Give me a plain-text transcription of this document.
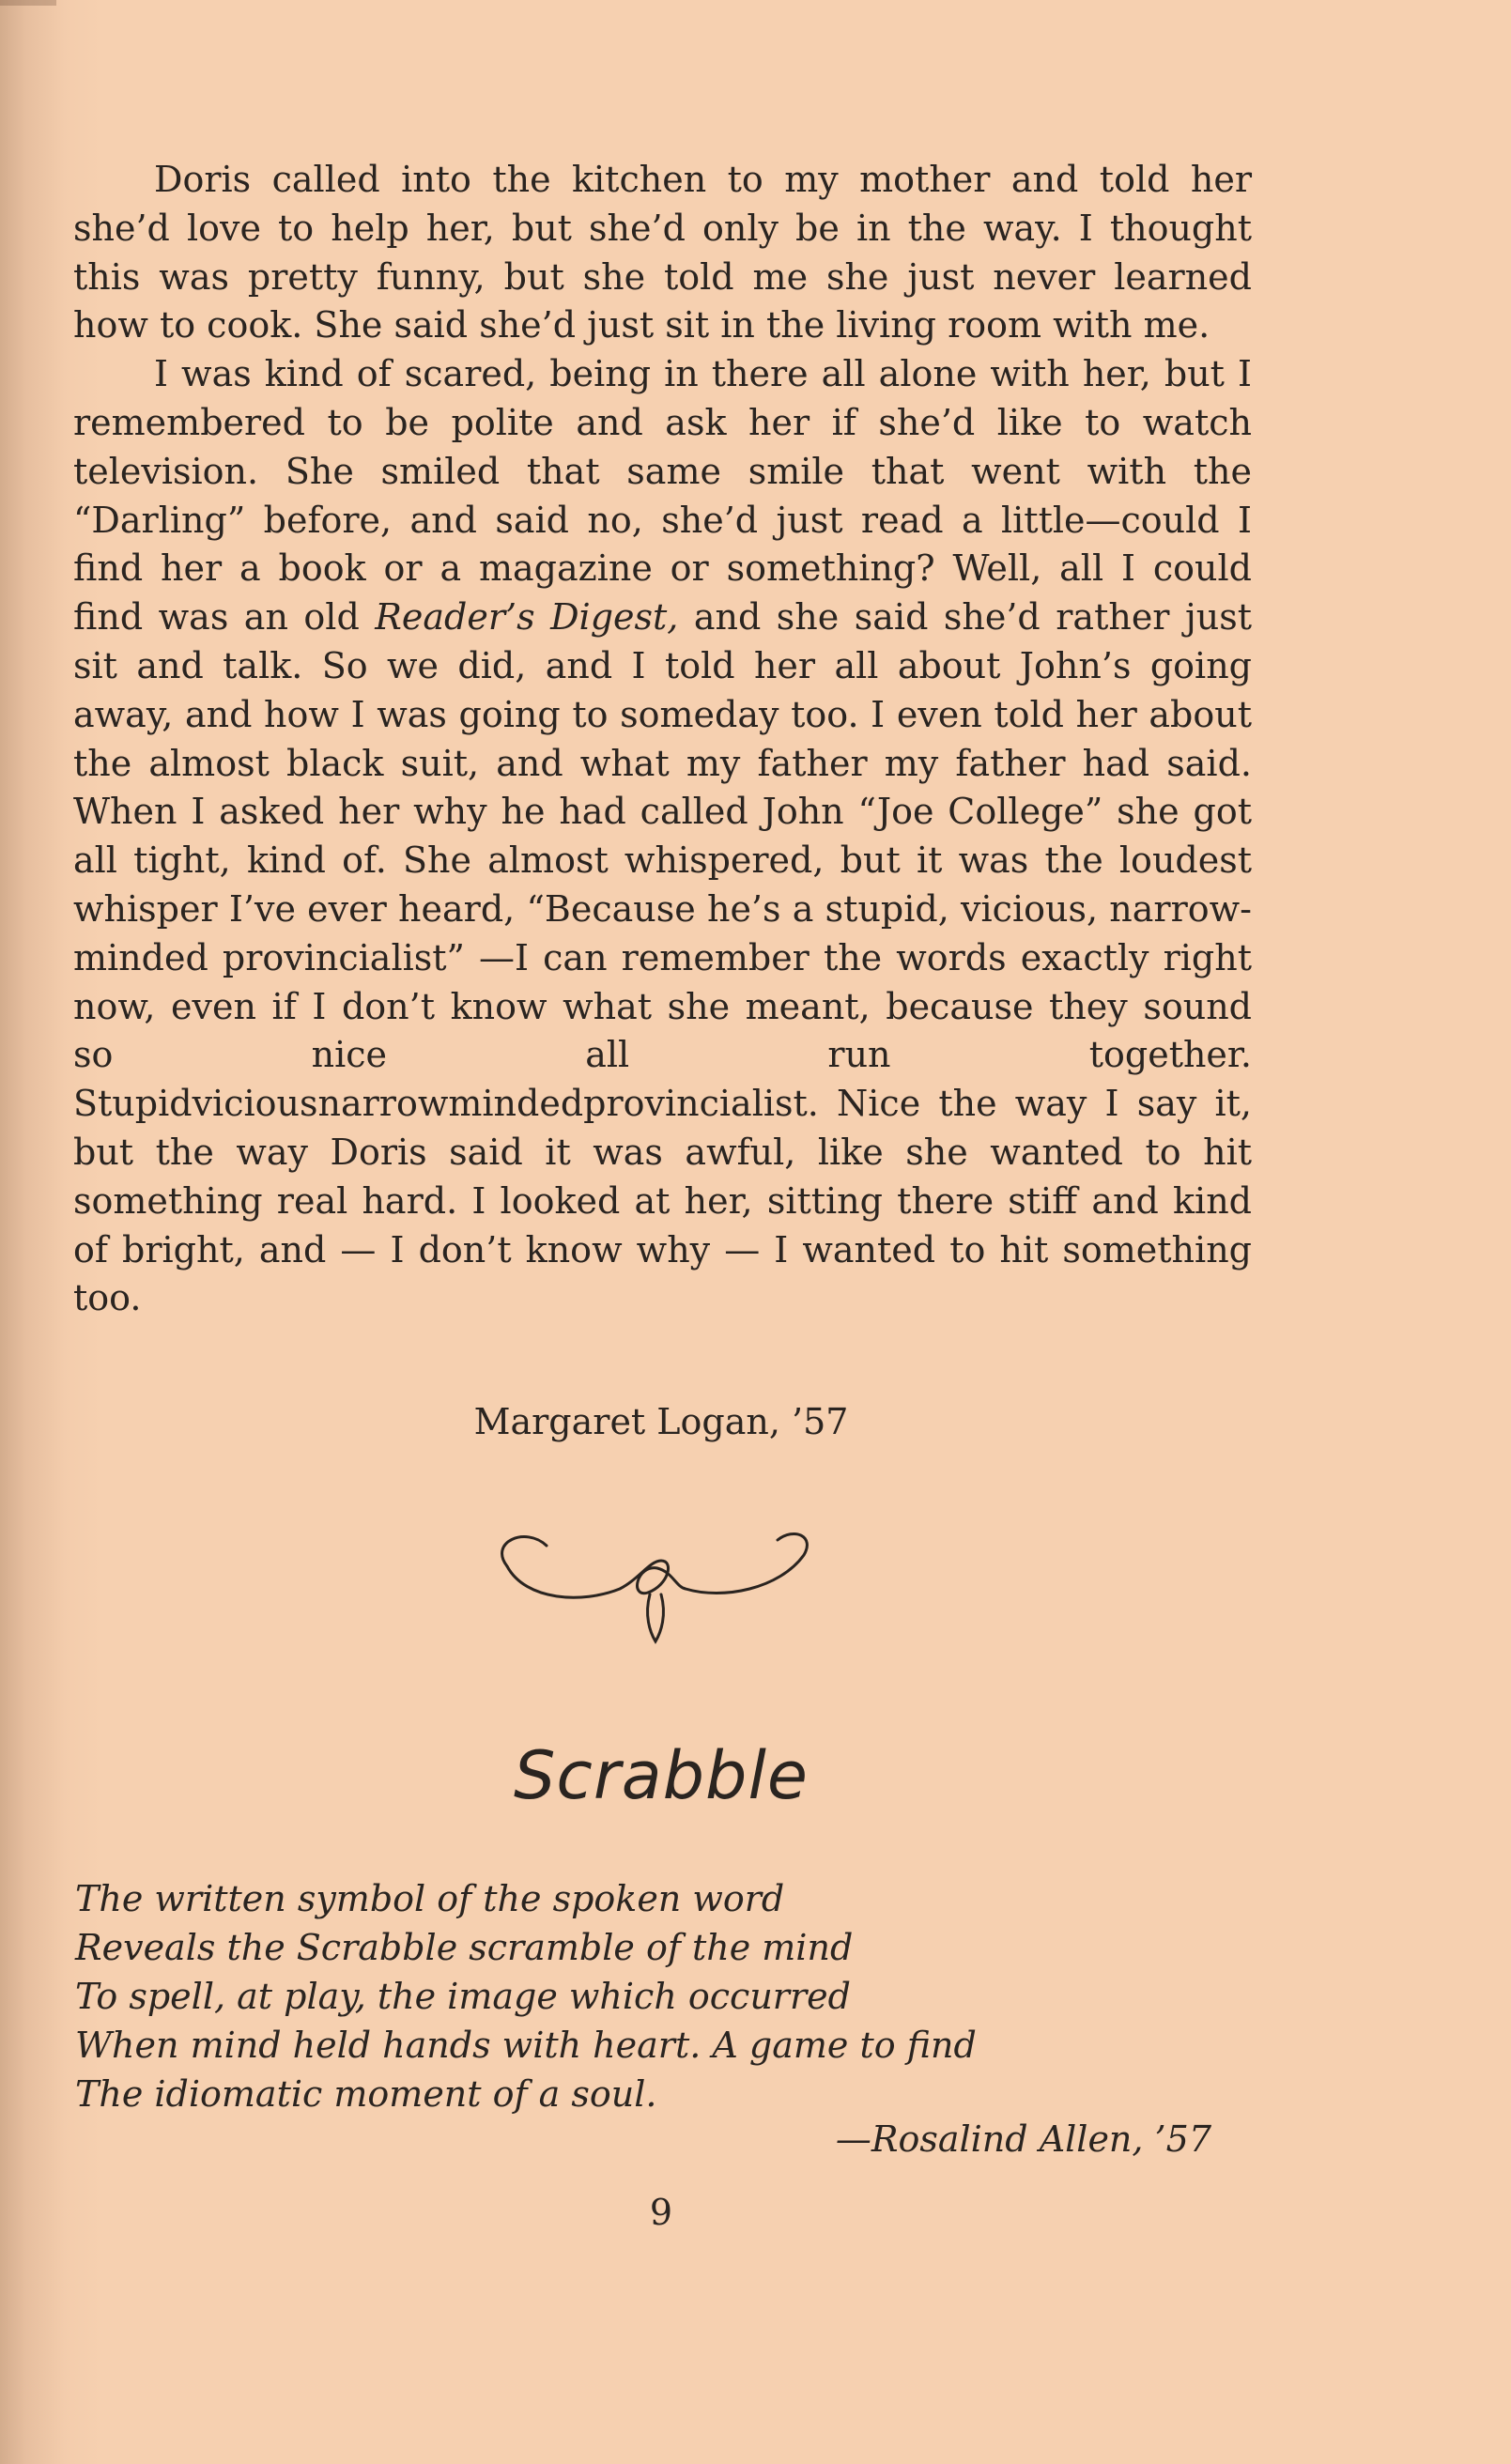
Doris called into the kitchen to my mother and told her she’d love to help her, but she’d only be in the way. I thought this was pretty funny, but she told me she just never learned how to cook. She said she’d just sit in the living room with me.

I was kind of scared, being in there all alone with her, but I remembered to be polite and ask her if she’d like to watch television. She smiled that same smile that went with the “Darling” before, and said no, she’d just read a little—could I find her a book or a magazine or something? Well, all I could find was an old Reader’s Digest, and she said she’d rather just sit and talk. So we did, and I told her all about John’s going away, and how I was going to someday too. I even told her about the almost black suit, and what my father my father had said. When I asked her why he had called John “Joe College” she got all tight, kind of. She almost whispered, but it was the loudest whisper I’ve ever heard, “Because he’s a stupid, vicious, narrow-minded provincialist” —I can remember the words exactly right now, even if I don’t know what she meant, because they sound so nice all run together. Stupidviciousnarrowmindedprovincialist. Nice the way I say it, but the way Doris said it was awful, like she wanted to hit something real hard. I looked at her, sitting there stiff and kind of bright, and — I don’t know why — I wanted to hit something too.

Margaret Logan, ’57
Scrabble
The written symbol of the spoken word
Reveals the Scrabble scramble of the mind
To spell, at play, the image which occurred
When mind held hands with heart. A game to find
The idiomatic moment of a soul.
—Rosalind Allen, ’57
9
